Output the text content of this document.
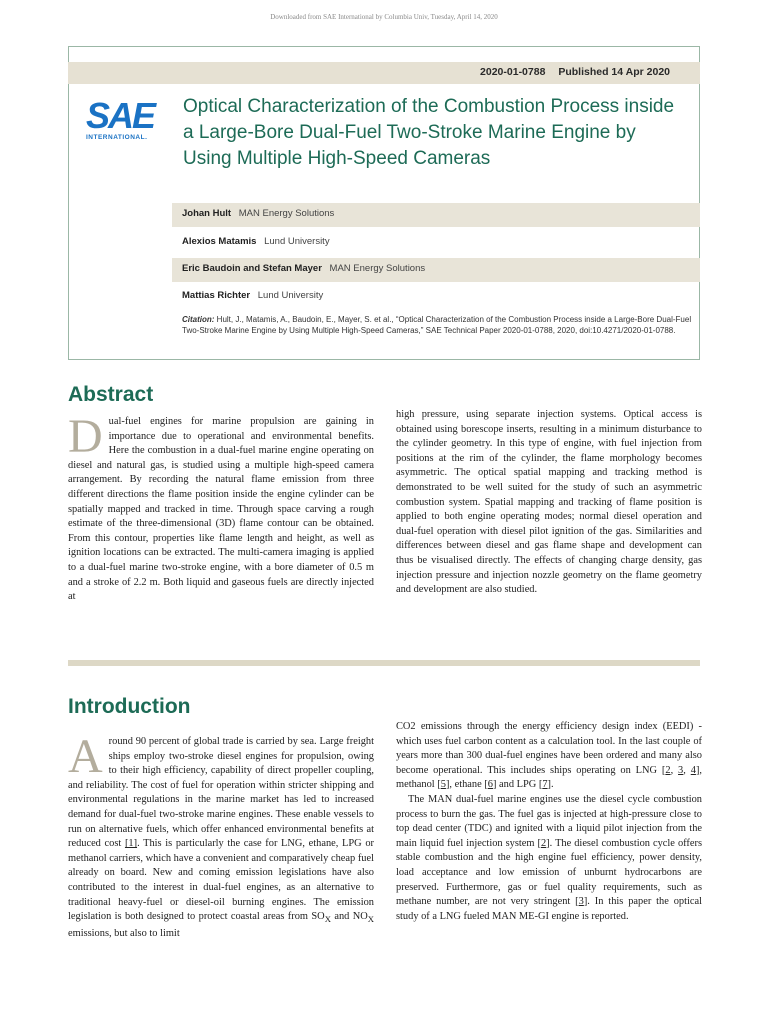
Downloaded from SAE International by Columbia Univ, Tuesday, April 14, 2020
2020-01-0788 Published 14 Apr 2020
SAE
INTERNATIONAL.
Optical Characterization of the Combustion Process inside a Large-Bore Dual-Fuel Two-Stroke Marine Engine by Using Multiple High-Speed Cameras
Johan Hult MAN Energy Solutions
Alexios Matamis Lund University
Eric Baudoin and Stefan Mayer MAN Energy Solutions
Mattias Richter Lund University
Citation: Hult, J., Matamis, A., Baudoin, E., Mayer, S. et al., “Optical Characterization of the Combustion Process inside a Large-Bore Dual-Fuel Two-Stroke Marine Engine by Using Multiple High-Speed Cameras,” SAE Technical Paper 2020-01-0788, 2020, doi:10.4271/2020-01-0788.
Abstract

Dual-fuel engines for marine propulsion are gaining in importance due to operational and environmental benefits. Here the combustion in a dual-fuel marine engine operating on diesel and natural gas, is studied using a multiple high-speed camera arrangement. By recording the natural flame emission from three different directions the flame position inside the engine cylinder can be spatially mapped and tracked in time. Through space carving a rough estimate of the three-dimensional (3D) flame contour can be obtained. From this contour, properties like flame length and height, as well as ignition locations can be extracted. The multi-camera imaging is applied to a dual-fuel marine two-stroke engine, with a bore diameter of 0.5 m and a stroke of 2.2 m. Both liquid and gaseous fuels are directly injected at

high pressure, using separate injection systems. Optical access is obtained using borescope inserts, resulting in a minimum disturbance to the cylinder geometry. In this type of engine, with fuel injection from positions at the rim of the cylinder, the flame morphology becomes asymmetric. The optical spatial mapping and tracking method is demonstrated to be well suited for the study of such an asymmetric combustion system. Spatial mapping and tracking of flame position is applied to both engine operating modes; normal diesel operation and dual-fuel operation with diesel pilot ignition of the gas. Similarities and differences between diesel and gas flame shape and development can thus be visualised directly. The effects of changing charge density, gas injection pressure and injection nozzle geometry on the flame geometry and development are also studied.

Introduction

Around 90 percent of global trade is carried by sea. Large freight ships employ two-stroke diesel engines for propulsion, owing to their high efficiency, capability of direct propeller coupling, and reliability. The cost of fuel for operation within stricter shipping and environmental regulations in the marine market has led to increased demand for dual-fuel two-stroke marine engines. These enable vessels to run on alternative fuels, which offer enhanced environmental benefits at reduced cost [1]. This is particularly the case for LNG, ethane, LPG or methanol carriers, which have a convenient and comparatively cheap fuel already on board. New and coming emission legislations have also contributed to the interest in dual-fuel engines, as an alternative to traditional heavy-fuel or diesel-oil burning engines. The emission legislation is both designed to protect coastal areas from $SO_X$ and $NO_X$ emissions, but also to limit

CO2 emissions through the energy efficiency design index (EEDI) - which uses fuel carbon content as a calculation tool. In the last couple of years more than 300 dual-fuel engines have been ordered and many also become operational. This includes ships operating on LNG [2, 3, 4], methanol [5], ethane [6] and LPG [7].

The MAN dual-fuel marine engines use the diesel cycle combustion process to burn the gas. The fuel gas is injected at high-pressure close to top dead center (TDC) and ignited with a liquid pilot injection from the main liquid fuel injection system [2]. The diesel combustion cycle offers stable combustion and the high engine fuel efficiency, power density, load acceptance and low emission of unburnt hydrocarbons are preserved. Furthermore, gas or fuel quality requirements, such as methane number, are not very stringent [3]. In this paper the optical study of a LNG fueled MAN ME-GI engine is reported.
